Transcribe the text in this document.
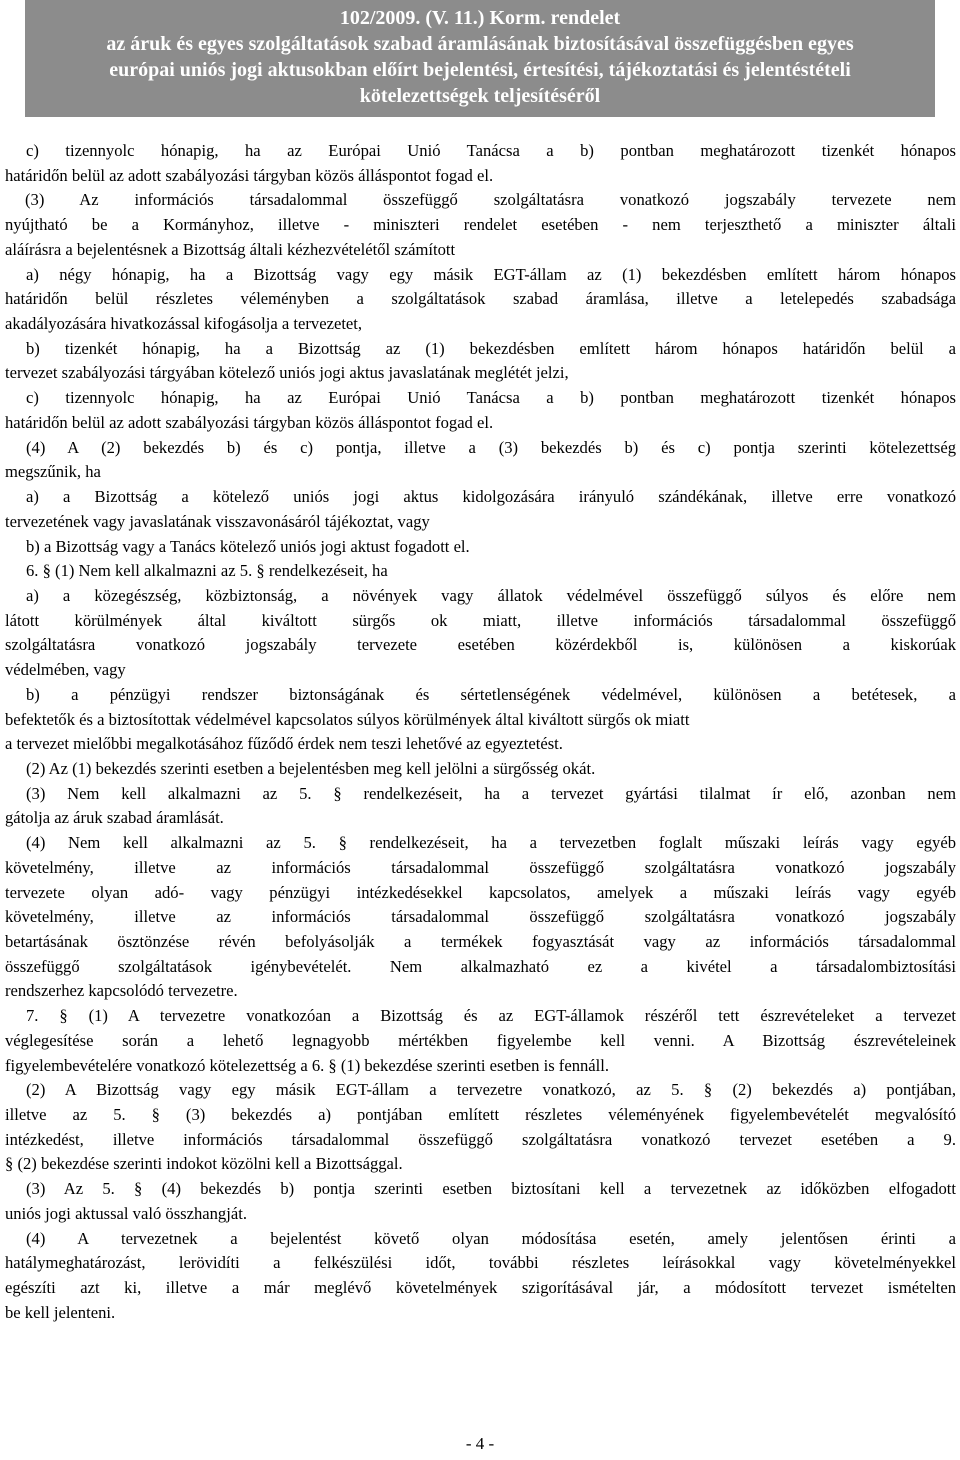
102/2009. (V. 11.) Korm. rendelet
az áruk és egyes szolgáltatások szabad áramlásának biztosításával összefüggésben egyes
európai uniós jogi aktusokban előírt bejelentési, értesítési, tájékoztatási és jelentéstételi
kötelezettségek teljesítéséről
c) tizennyolc hónapig, ha az Európai Unió Tanácsa a b) pontban meghatározott tizenkét hónapos
határidőn belül az adott szabályozási tárgyban közös álláspontot fogad el.
(3) Az információs társadalommal összefüggő szolgáltatásra vonatkozó jogszabály tervezete nem
nyújtható be a Kormányhoz, illetve - miniszteri rendelet esetében - nem terjeszthető a miniszter általi
aláírásra a bejelentésnek a Bizottság általi kézhezvételétől számított
a) négy hónapig, ha a Bizottság vagy egy másik EGT-állam az (1) bekezdésben említett három hónapos
határidőn belül részletes véleményben a szolgáltatások szabad áramlása, illetve a letelepedés szabadsága
akadályozására hivatkozással kifogásolja a tervezetet,
b) tizenkét hónapig, ha a Bizottság az (1) bekezdésben említett három hónapos határidőn belül a
tervezet szabályozási tárgyában kötelező uniós jogi aktus javaslatának meglétét jelzi,
c) tizennyolc hónapig, ha az Európai Unió Tanácsa a b) pontban meghatározott tizenkét hónapos
határidőn belül az adott szabályozási tárgyban közös álláspontot fogad el.
(4) A (2) bekezdés b) és c) pontja, illetve a (3) bekezdés b) és c) pontja szerinti kötelezettség
megszűnik, ha
a) a Bizottság a kötelező uniós jogi aktus kidolgozására irányuló szándékának, illetve erre vonatkozó
tervezetének vagy javaslatának visszavonásáról tájékoztat, vagy
b) a Bizottság vagy a Tanács kötelező uniós jogi aktust fogadott el.
6. § (1) Nem kell alkalmazni az 5. § rendelkezéseit, ha
a) a közegészség, közbiztonság, a növények vagy állatok védelmével összefüggő súlyos és előre nem
látott körülmények által kiváltott sürgős ok miatt, illetve információs társadalommal összefüggő
szolgáltatásra vonatkozó jogszabály tervezete esetében közérdekből is, különösen a kiskorúak
védelmében, vagy
b) a pénzügyi rendszer biztonságának és sértetlenségének védelmével, különösen a betétesek, a
befektetők és a biztosítottak védelmével kapcsolatos súlyos körülmények által kiváltott sürgős ok miatt
a tervezet mielőbbi megalkotásához fűződő érdek nem teszi lehetővé az egyeztetést.
(2) Az (1) bekezdés szerinti esetben a bejelentésben meg kell jelölni a sürgősség okát.
(3) Nem kell alkalmazni az 5. § rendelkezéseit, ha a tervezet gyártási tilalmat ír elő, azonban nem
gátolja az áruk szabad áramlását.
(4) Nem kell alkalmazni az 5. § rendelkezéseit, ha a tervezetben foglalt műszaki leírás vagy egyéb
követelmény, illetve az információs társadalommal összefüggő szolgáltatásra vonatkozó jogszabály
tervezete olyan adó- vagy pénzügyi intézkedésekkel kapcsolatos, amelyek a műszaki leírás vagy egyéb
követelmény, illetve az információs társadalommal összefüggő szolgáltatásra vonatkozó jogszabály
betartásának ösztönzése révén befolyásolják a termékek fogyasztását vagy az információs társadalommal
összefüggő szolgáltatások igénybevételét. Nem alkalmazható ez a kivétel a társadalombiztosítási
rendszerhez kapcsolódó tervezetre.
7. § (1) A tervezetre vonatkozóan a Bizottság és az EGT-államok részéről tett észrevételeket a tervezet
véglegesítése során a lehető legnagyobb mértékben figyelembe kell venni. A Bizottság észrevételeinek
figyelembevételére vonatkozó kötelezettség a 6. § (1) bekezdése szerinti esetben is fennáll.
(2) A Bizottság vagy egy másik EGT-állam a tervezetre vonatkozó, az 5. § (2) bekezdés a) pontjában,
illetve az 5. § (3) bekezdés a) pontjában említett részletes véleményének figyelembevételét megvalósító
intézkedést, illetve információs társadalommal összefüggő szolgáltatásra vonatkozó tervezet esetében a 9.
§ (2) bekezdése szerinti indokot közölni kell a Bizottsággal.
(3) Az 5. § (4) bekezdés b) pontja szerinti esetben biztosítani kell a tervezetnek az időközben elfogadott
uniós jogi aktussal való összhangját.
(4) A tervezetnek a bejelentést követő olyan módosítása esetén, amely jelentősen érinti a
hatálymeghatározást, lerövidíti a felkészülési időt, további részletes leírásokkal vagy követelményekkel
egészíti azt ki, illetve a már meglévő követelmények szigorításával jár, a módosított tervezet ismételten
be kell jelenteni.
- 4 -
